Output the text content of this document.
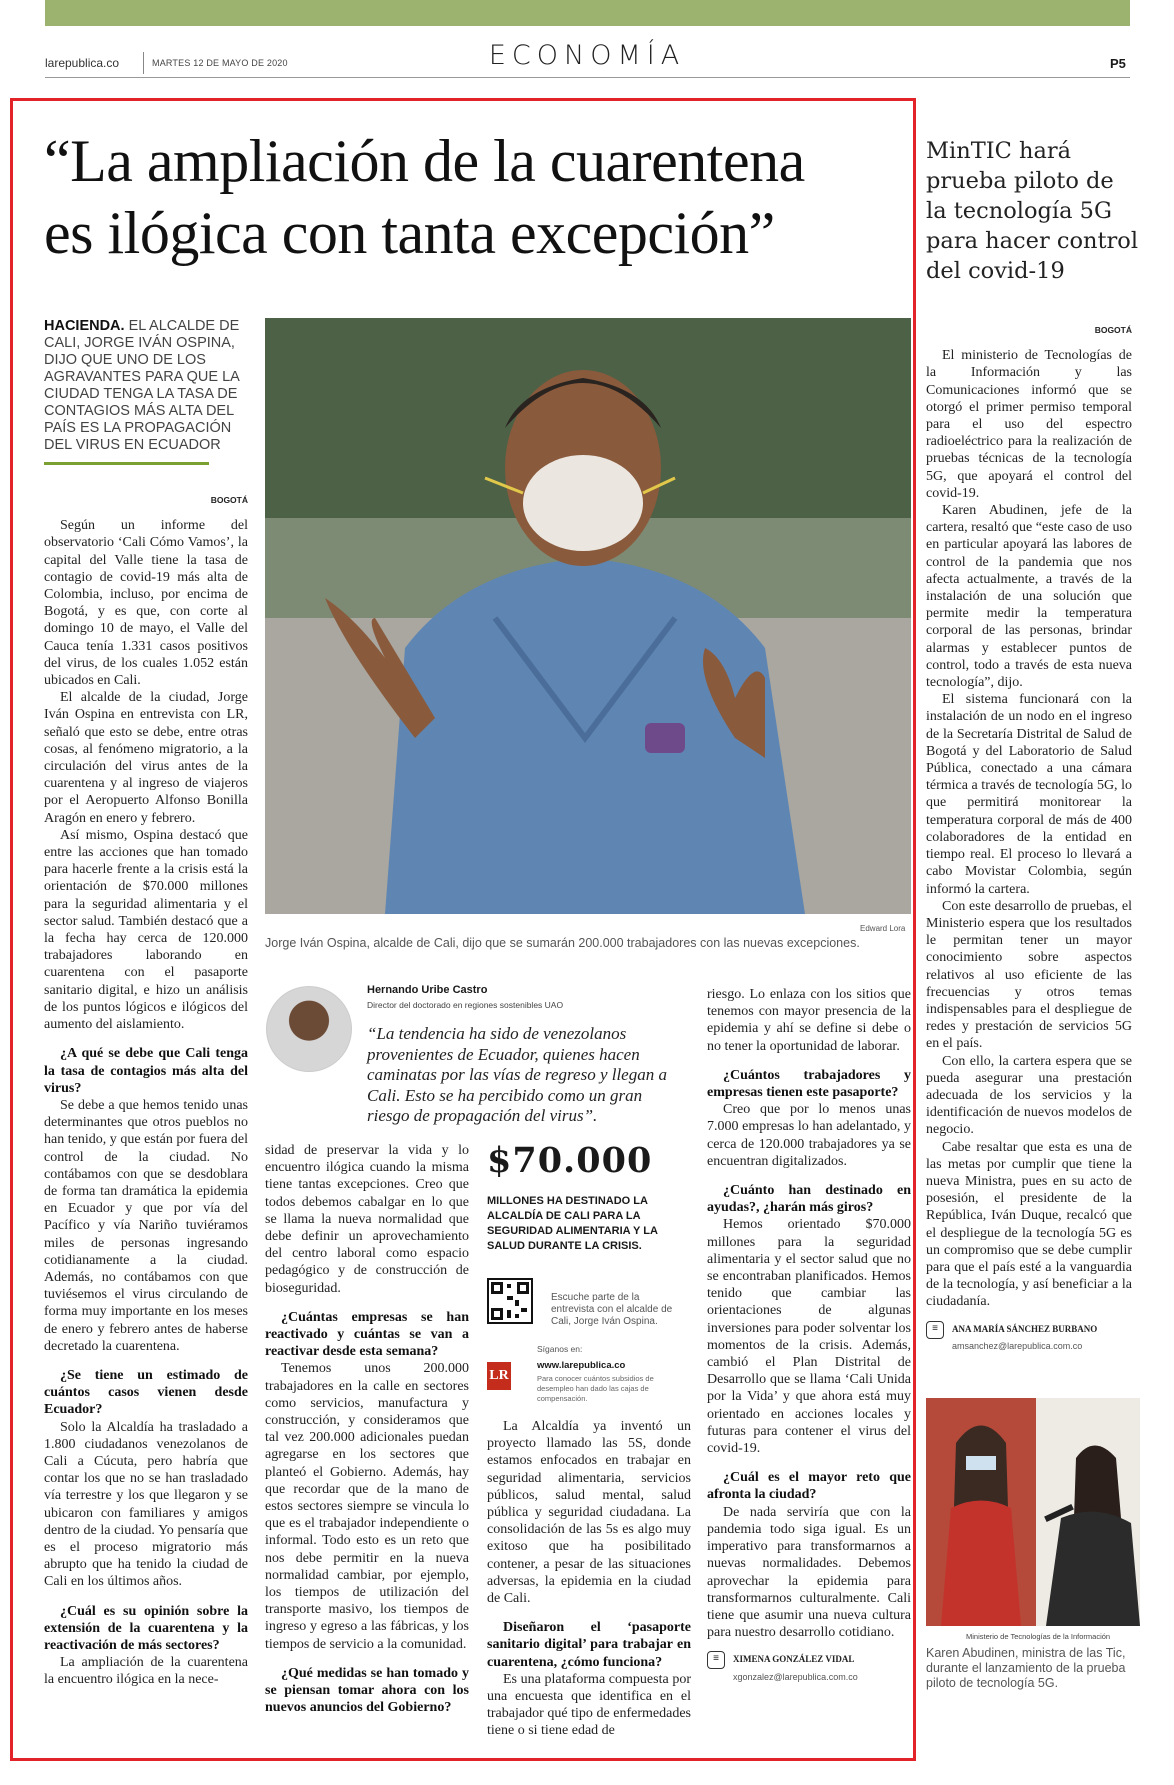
larepublica.co	MARTES 12 DE MAYO DE 2020	ECONOMÍA	P5
“La ampliación de la cuarentena
es ilógica con tanta excepción”
HACIENDA. EL ALCALDE DE CALI, JORGE IVÁN OSPINA, DIJO QUE UNO DE LOS AGRAVANTES PARA QUE LA CIUDAD TENGA LA TASA DE CONTAGIOS MÁS ALTA DEL PAÍS ES LA PROPAGACIÓN DEL VIRUS EN ECUADOR
BOGOTÁ

Según un informe del observatorio ‘Cali Cómo Vamos’, la capital del Valle tiene la tasa de contagio de covid-19 más alta de Colombia, incluso, por encima de Bogotá, y es que, con corte al domingo 10 de mayo, el Valle del Cauca tenía 1.331 casos positivos del virus, de los cuales 1.052 están ubicados en Cali.

El alcalde de la ciudad, Jorge Iván Ospina en entrevista con LR, señaló que esto se debe, entre otras cosas, al fenómeno migratorio, a la circulación del virus antes de la cuarentena y al ingreso de viajeros por el Aeropuerto Alfonso Bonilla Aragón en enero y febrero.

Así mismo, Ospina destacó que entre las acciones que han tomado para hacerle frente a la crisis está la orientación de $70.000 millones para la seguridad alimentaria y el sector salud. También destacó que a la fecha hay cerca de 120.000 trabajadores laborando en cuarentena con el pasaporte sanitario digital, e hizo un análisis de los puntos lógicos e ilógicos del aumento del aislamiento.

¿A qué se debe que Cali tenga la tasa de contagios más alta del virus?

Se debe a que hemos tenido unas determinantes que otros pueblos no han tenido, y que están por fuera del control de la ciudad. No contábamos con que se desdoblara de forma tan dramática la epidemia en Ecuador y que por vía del Pacífico y vía Nariño tuviéramos miles de personas ingresando cotidianamente a la ciudad. Además, no contábamos con que tuviésemos el virus circulando de forma muy importante en los meses de enero y febrero antes de haberse decretado la cuarentena.

¿Se tiene un estimado de cuántos casos vienen desde Ecuador?

Solo la Alcaldía ha trasladado a 1.800 ciudadanos venezolanos de Cali a Cúcuta, pero habría que contar los que no se han trasladado vía terrestre y los que llegaron y se ubicaron con familiares y amigos dentro de la ciudad. Yo pensaría que es el proceso migratorio más abrupto que ha tenido la ciudad de Cali en los últimos años.

¿Cuál es su opinión sobre la extensión de la cuarentena y la reactivación de más sectores?

La ampliación de la cuarentena la encuentro ilógica en la nece-

Edward Lora
Jorge Iván Ospina, alcalde de Cali, dijo que se sumarán 200.000 trabajadores con las nuevas excepciones.
Hernando Uribe Castro
Director del doctorado en regiones sostenibles UAO
“La tendencia ha sido de venezolanos provenientes de Ecuador, quienes hacen caminatas por las vías de regreso y llegan a Cali. Esto se ha percibido como un gran riesgo de propagación del virus”.

sidad de preservar la vida y lo encuentro ilógica cuando la misma tiene tantas excepciones. Creo que todos debemos cabalgar en lo que se llama la nueva normalidad que debe definir un aprovechamiento del centro laboral como espacio pedagógico y de construcción de bioseguridad.

¿Cuántas empresas se han reactivado y cuántas se van a reactivar desde esta semana?

Tenemos unos 200.000 trabajadores en la calle en sectores como servicios, manufactura y construcción, y consideramos que tal vez 200.000 adicionales puedan agregarse en los sectores que planteó el Gobierno. Además, hay que recordar que de la mano de estos sectores siempre se vincula lo que es el trabajador independiente o informal. Todo esto es un reto que nos debe permitir en la nueva normalidad cambiar, por ejemplo, los tiempos de utilización del transporte masivo, los tiempos de ingreso y egreso a las fábricas, y los tiempos de servicio a la comunidad.

¿Qué medidas se han tomado y se piensan tomar ahora con los nuevos anuncios del Gobierno?
$70.000
MILLONES HA DESTINADO LA ALCALDÍA DE CALI PARA LA SEGURIDAD ALIMENTARIA Y LA SALUD DURANTE LA CRISIS.
Escuche parte de la entrevista con el alcalde de Cali, Jorge Iván Ospina.
LR
Síganos en:
www.larepublica.co
Para conocer cuántos subsidios de desempleo han dado las cajas de compensación.

La Alcaldía ya inventó un proyecto llamado las 5S, donde estamos enfocados en trabajar en seguridad alimentaria, servicios públicos, salud mental, salud pública y seguridad ciudadana. La consolidación de las 5s es algo muy exitoso que ha posibilitado contener, a pesar de las situaciones adversas, la epidemia en la ciudad de Cali.

Diseñaron el ‘pasaporte sanitario digital’ para trabajar en cuarentena, ¿cómo funciona?

Es una plataforma compuesta por una encuesta que identifica en el trabajador qué tipo de enfermedades tiene o si tiene edad de

riesgo. Lo enlaza con los sitios que tenemos con mayor presencia de la epidemia y ahí se define si debe o no tener la oportunidad de laborar.

¿Cuántos trabajadores y empresas tienen este pasaporte?

Creo que por lo menos unas 7.000 empresas lo han adelantado, y cerca de 120.000 trabajadores ya se encuentran digitalizados.

¿Cuánto han destinado en ayudas?, ¿harán más giros?

Hemos orientado $70.000 millones para la seguridad alimentaria y el sector salud que no se encontraban planificados. Hemos tenido que cambiar las orientaciones de algunas inversiones para poder solventar los momentos de la crisis. Además, cambió el Plan Distrital de Desarrollo que se llama ‘Cali Unida por la Vida’ y que ahora está muy orientado en acciones locales y futuras para contener el virus del covid-19.

¿Cuál es el mayor reto que afronta la ciudad?

De nada serviría que con la pandemia todo siga igual. Es un imperativo para transformarnos a nuevas normalidades. Debemos aprovechar la epidemia para transformarnos culturalmente. Cali tiene que asumir una nueva cultura para nuestro desarrollo cotidiano.

≡	XIMENA GONZÁLEZ VIDAL
xgonzalez@larepublica.com.co
MinTIC hará prueba piloto de la tecnología 5G para hacer control del covid-19
BOGOTÁ

El ministerio de Tecnologías de la Información y las Comunicaciones informó que se otorgó el primer permiso temporal para el uso del espectro radioeléctrico para la realización de pruebas técnicas de la tecnología 5G, que apoyará el control del covid-19.

Karen Abudinen, jefe de la cartera, resaltó que “este caso de uso en particular apoyará las labores de control de la pandemia que nos afecta actualmente, a través de la instalación de una solución que permite medir la temperatura corporal de las personas, brindar alarmas y establecer puntos de control, todo a través de esta nueva tecnología”, dijo.

El sistema funcionará con la instalación de un nodo en el ingreso de la Secretaría Distrital de Salud de Bogotá y del Laboratorio de Salud Pública, conectado a una cámara térmica a través de tecnología 5G, lo que permitirá monitorear la temperatura corporal de más de 400 colaboradores de la entidad en tiempo real. El proceso lo llevará a cabo Movistar Colombia, según informó la cartera.

Con este desarrollo de pruebas, el Ministerio espera que los resultados le permitan tener un mayor conocimiento sobre aspectos relativos al uso eficiente de las frecuencias y otros temas indispensables para el despliegue de redes y prestación de servicios 5G en el país.

Con ello, la cartera espera que se pueda asegurar una prestación adecuada de los servicios y la identificación de nuevos modelos de negocio.

Cabe resaltar que esta es una de las metas por cumplir que tiene la nueva Ministra, pues en su acto de posesión, el presidente de la República, Iván Duque, recalcó que el despliegue de la tecnología 5G es un compromiso que se debe cumplir para que el país esté a la vanguardia de la tecnología, y así beneficiar a la ciudadanía.

≡	ANA MARÍA SÁNCHEZ BURBANO
amsanchez@larepublica.com.co
Ministerio de Tecnologías de la Información
Karen Abudinen, ministra de las Tic, durante el lanzamiento de la prueba piloto de tecnología 5G.
